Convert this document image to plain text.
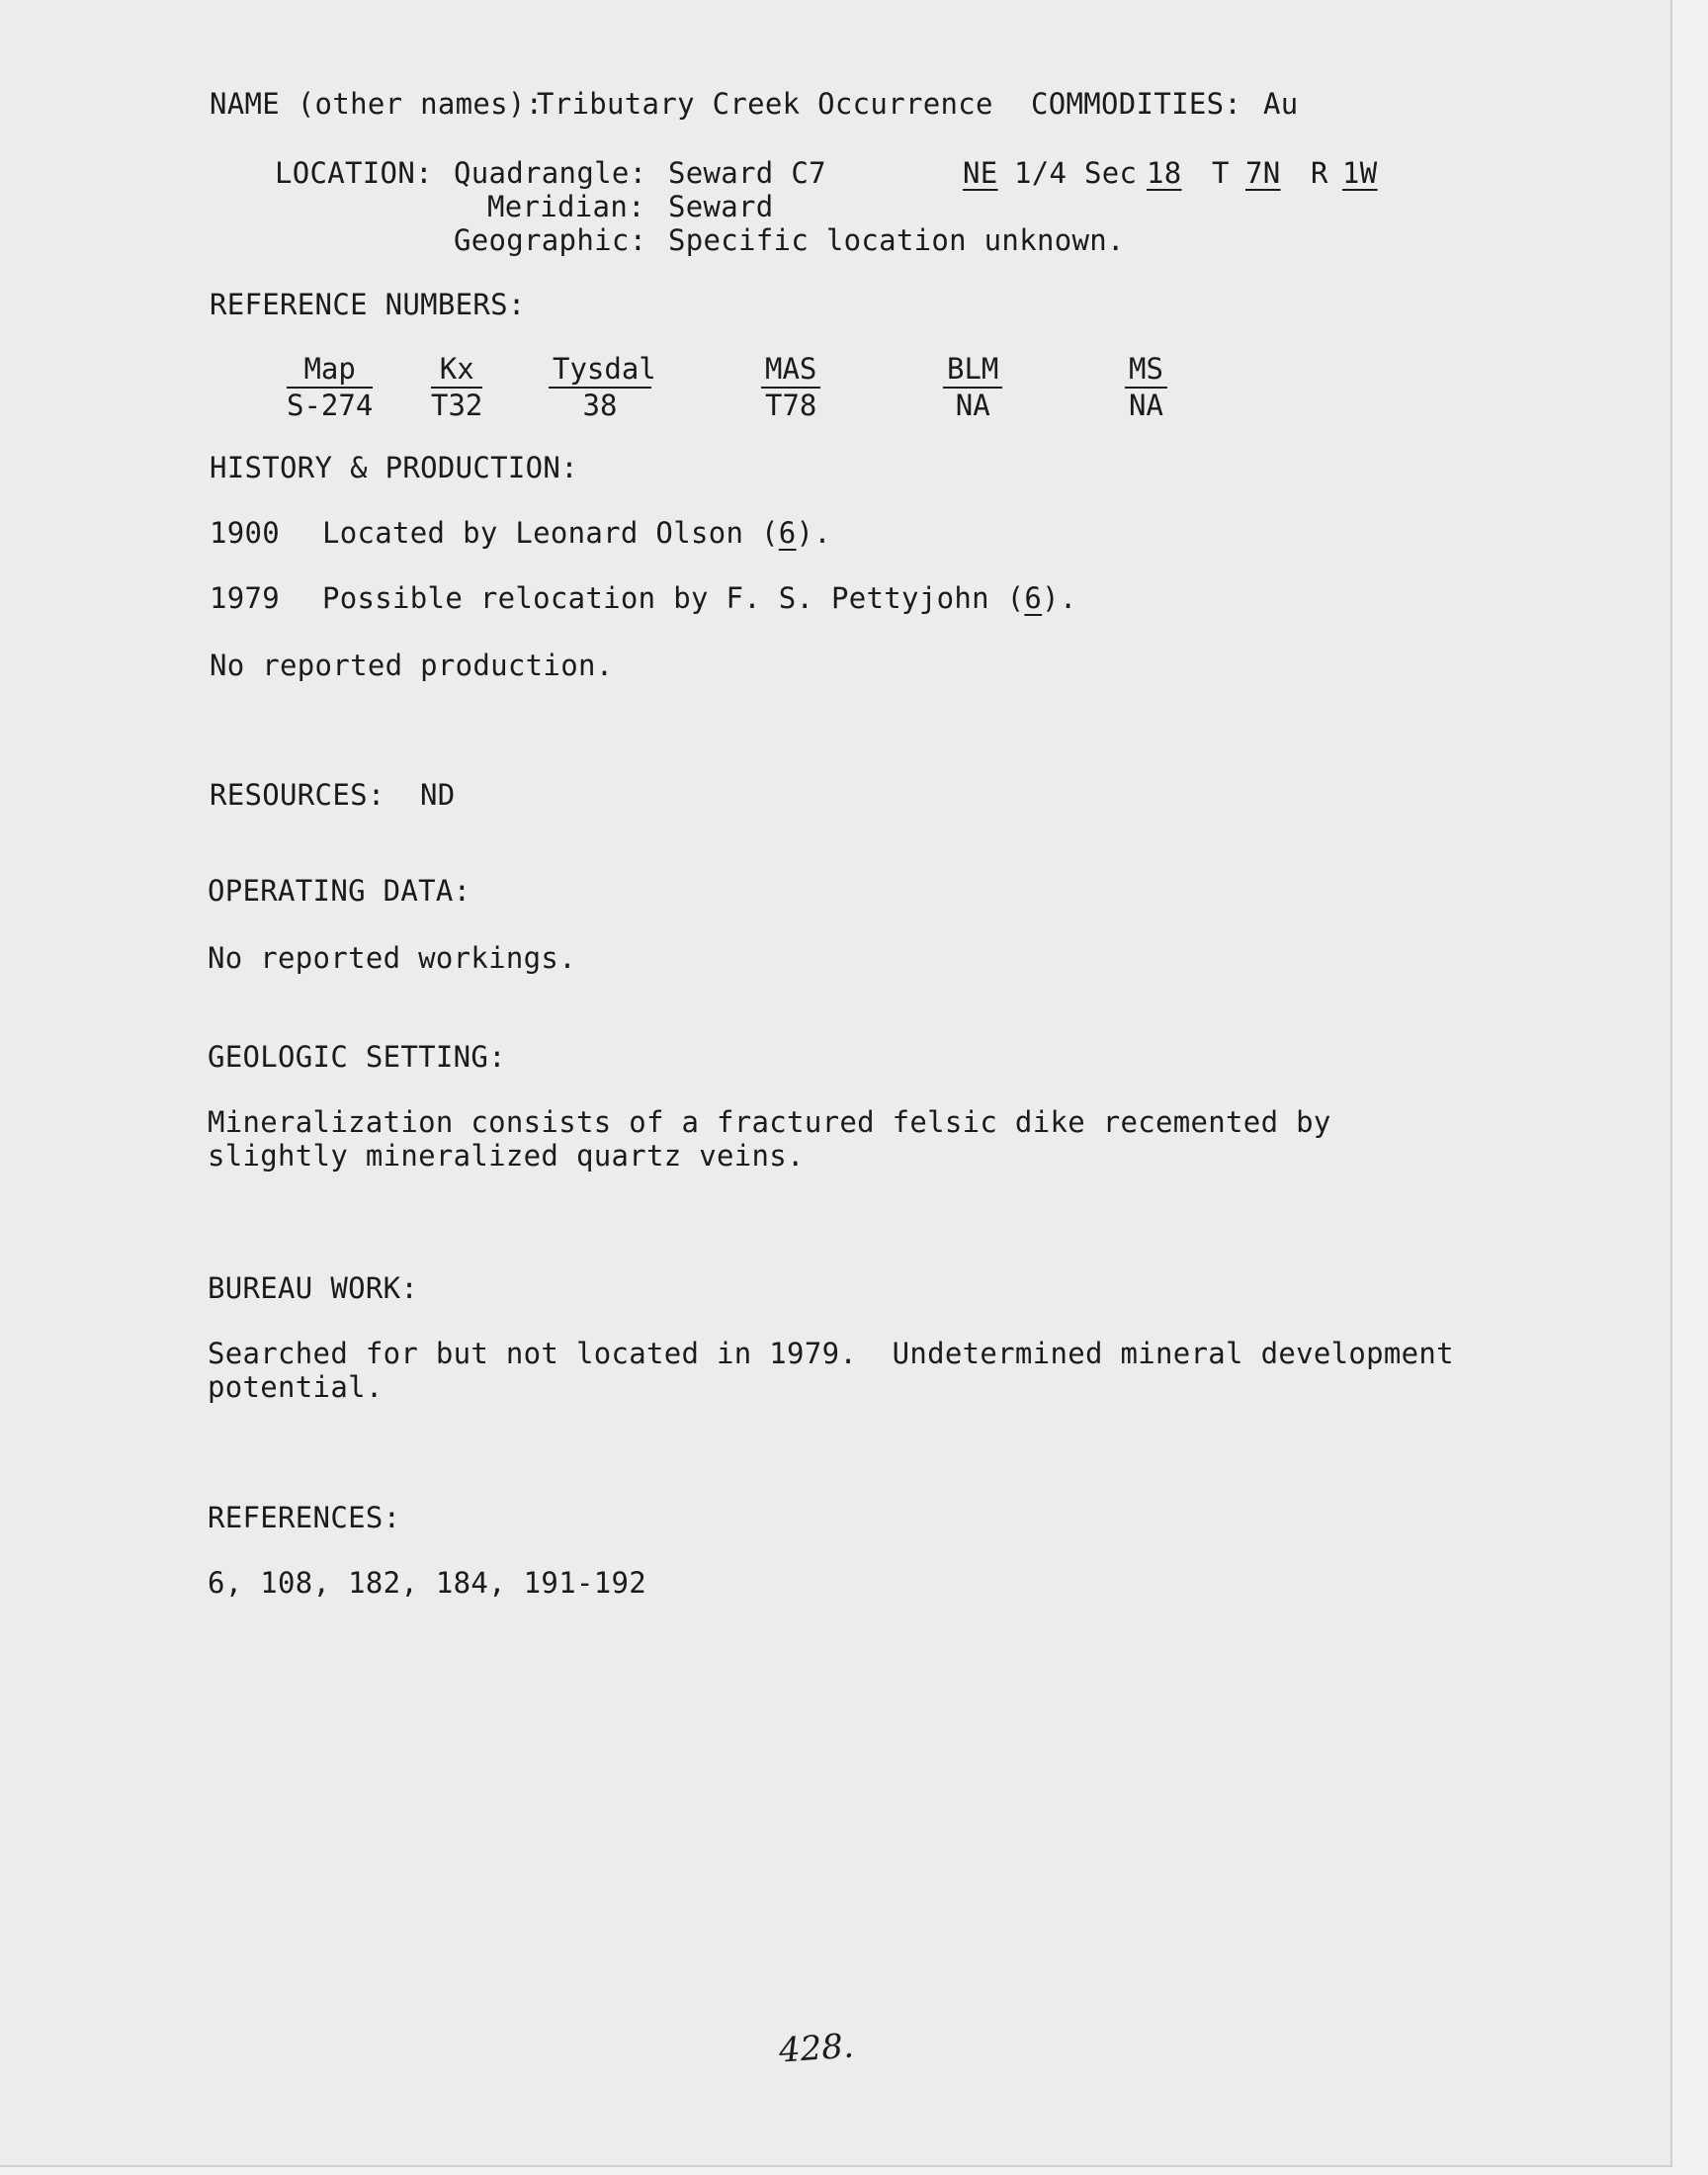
NAME (other names):
Tributary Creek Occurrence COMMODITIES: Au
LOCATION: Quadrangle: Seward C7	NE 1/4 Sec 18 T 7N R 1W
Meridian: Seward
Geographic: Specific location unknown.
REFERENCE NUMBERS:
Map
$S-274 \frac{Kx}{T32}$ Tysdal
38
MAS
T78
BLM
NA	$\frac{MS}{NA}$
HISTORY & PRODUCTION:
1900 Located by Leonard Olson (6).
1979 Possible relocation by F. S. Pettyjohn (6).
No reported production.
RESOURCES: ND
OPERATING DATA:
No reported workings.
GEOLOGIC SETTING:
Mineralization consists of a fractured felsic dike recemented by
slightly mineralized quartz veins.
BUREAU WORK:
Searched for but not located in 1979.  Undetermined mineral development
potential.
REFERENCES:
6, 108, 182, 184, 191-192
428.
